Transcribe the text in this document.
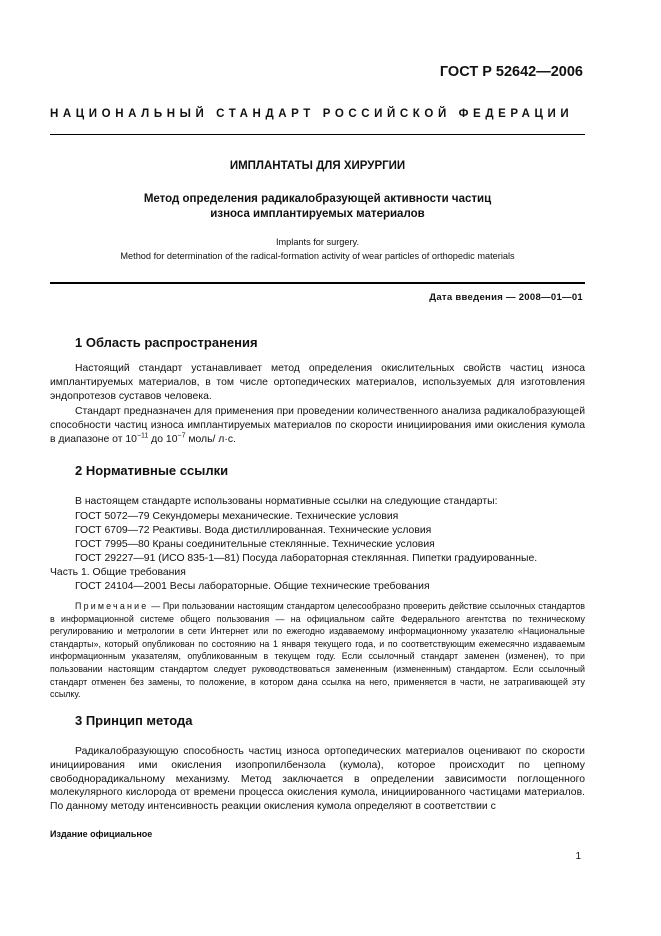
ГОСТ Р 52642—2006
НАЦИОНАЛЬНЫЙ СТАНДАРТ РОССИЙСКОЙ ФЕДЕРАЦИИ
ИМПЛАНТАТЫ ДЛЯ ХИРУРГИИ
Метод определения радикалобразующей активности частиц
износа имплантируемых материалов
Implants for surgery.
Method for determination of the radical-formation activity of wear particles of orthopedic materials
Дата введения — 2008—01—01
1 Область распространения
Настоящий стандарт устанавливает метод определения окислительных свойств частиц износа имплантируемых материалов, в том числе ортопедических материалов, используемых для изготовления эндопротезов суставов человека.
Стандарт предназначен для применения при проведении количественного анализа радикалобразующей способности частиц износа имплантируемых материалов по скорости инициирования ими окисления кумола в диапазоне от $10^{-11}$ до $10^{-7}$ моль/ л·с.
2 Нормативные ссылки
В настоящем стандарте использованы нормативные ссылки на следующие стандарты:
ГОСТ 5072—79 Секундомеры механические. Технические условия
ГОСТ 6709—72 Реактивы. Вода дистиллированная. Технические условия
ГОСТ 7995—80 Краны соединительные стеклянные. Технические условия
ГОСТ 29227—91 (ИСО 835-1—81) Посуда лабораторная стеклянная. Пипетки градуированные.
Часть 1. Общие требования
ГОСТ 24104—2001 Весы лабораторные. Общие технические требования
Примечание — При пользовании настоящим стандартом целесообразно проверить действие ссылочных стандартов в информационной системе общего пользования — на официальном сайте Федерального агентства по техническому регулированию и метрологии в сети Интернет или по ежегодно издаваемому информационному указателю «Национальные стандарты», который опубликован по состоянию на 1 января текущего года, и по соответствующим ежемесячно издаваемым информационным указателям, опубликованным в текущем году. Если ссылочный стандарт заменен (изменен), то при пользовании настоящим стандартом следует руководствоваться замененным (измененным) стандартом. Если ссылочный стандарт отменен без замены, то положение, в котором дана ссылка на него, применяется в части, не затрагивающей эту ссылку.
3 Принцип метода
Радикалобразующую способность частиц износа ортопедических материалов оценивают по скорости инициирования ими окисления изопропилбензола (кумола), которое происходит по цепному свободнорадикальному механизму. Метод заключается в определении зависимости поглощенного молекулярного кислорода от времени процесса окисления кумола, инициированного частицами материалов. По данному методу интенсивность реакции окисления кумола определяют в соответствии с
Издание официальное
1
